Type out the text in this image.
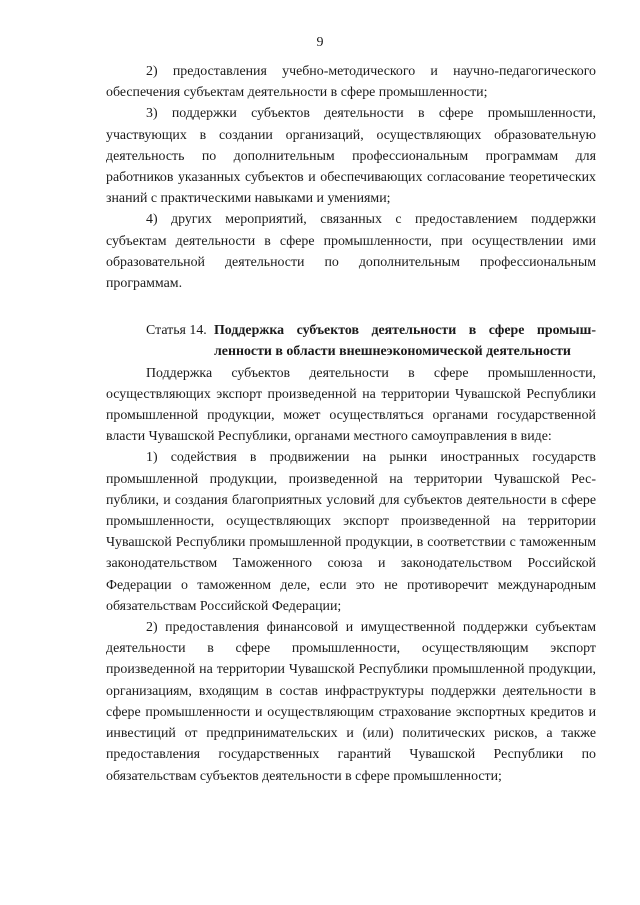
9

2) предоставления учебно-методического и научно-педагогического обеспечения субъектам деятельности в сфере промышленности;

3) поддержки субъектов деятельности в сфере промышленности, участвующих в создании организаций, осуществляющих образовательную деятельность по дополнительным профессиональным программам для работников указанных субъектов и обеспечивающих согласование теоретических знаний с практическими навыками и умениями;

4) других мероприятий, связанных с предоставлением поддержки субъектам деятельности в сфере промышленности, при осуществлении ими образовательной деятельности по дополнительным профессиональным программам.

Статья 14. Поддержка субъектов деятельности в сфере промышленности в области внешнеэкономической деятельности

Поддержка субъектов деятельности в сфере промышленности, осуществляющих экспорт произведенной на территории Чувашской Республики промышленной продукции, может осуществляться органами государственной власти Чувашской Республики, органами местного самоуправления в виде:

1) содействия в продвижении на рынки иностранных государств промышленной продукции, произведенной на территории Чувашской Республики, и создания благоприятных условий для субъектов деятельности в сфере промышленности, осуществляющих экспорт произведенной на территории Чувашской Республики промышленной продукции, в соответствии с таможенным законодательством Таможенного союза и законодательством Российской Федерации о таможенном деле, если это не противоречит международным обязательствам Российской Федерации;

2) предоставления финансовой и имущественной поддержки субъектам деятельности в сфере промышленности, осуществляющим экспорт произведенной на территории Чувашской Республики промышленной продукции, организациям, входящим в состав инфраструктуры поддержки деятельности в сфере промышленности и осуществляющим страхование экспортных кредитов и инвестиций от предпринимательских и (или) политических рисков, а также предоставления государственных гарантий Чувашской Республики по обязательствам субъектов деятельности в сфере промышленности;
